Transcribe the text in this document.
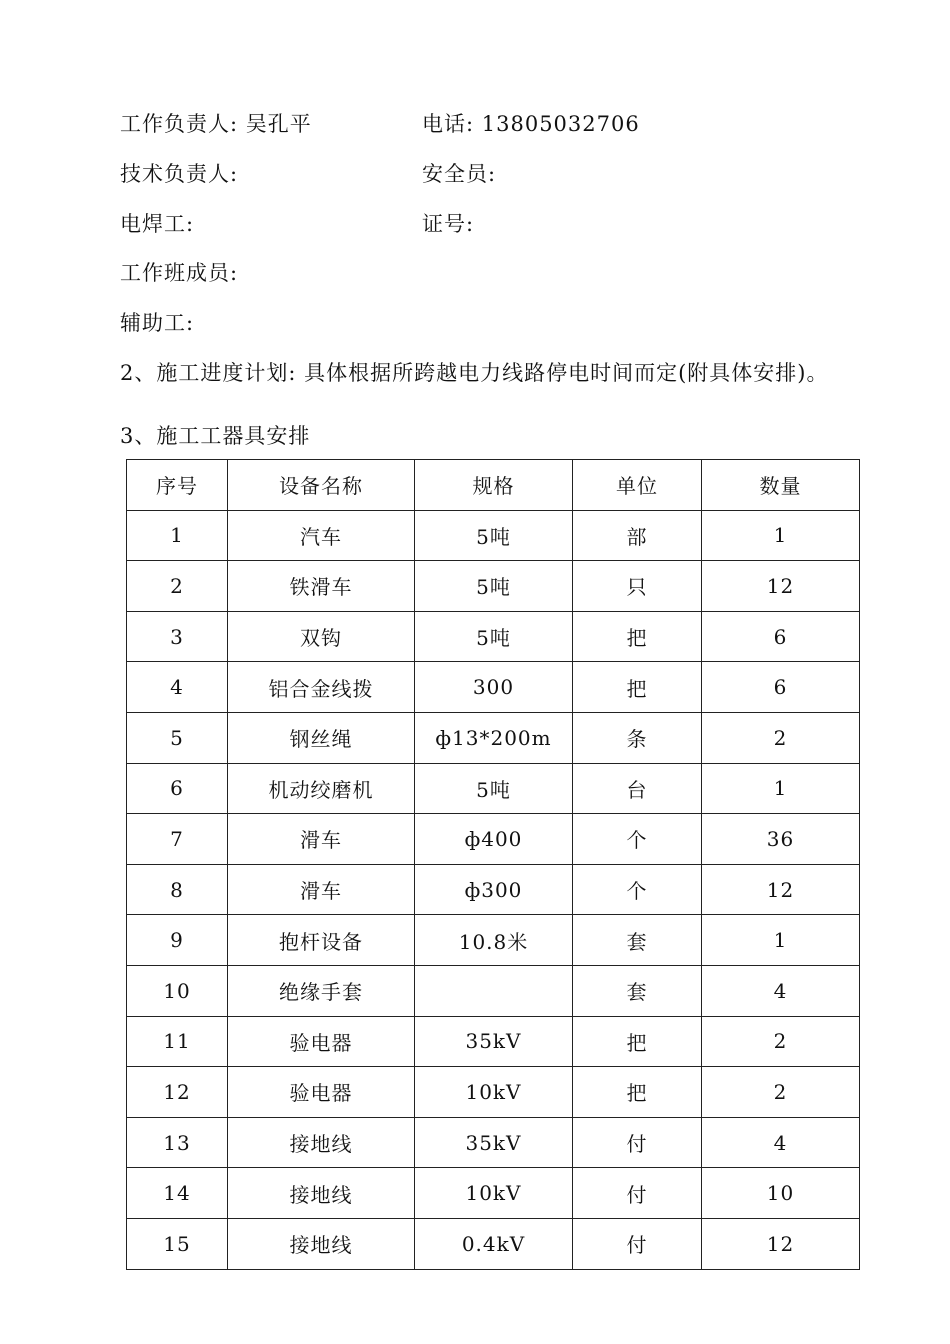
工作负责人: 吴孔平	电话: 13805032706
技术负责人:	安全员:
电焊工:	证号:
工作班成员:
辅助工:
2、施工进度计划: 具体根据所跨越电力线路停电时间而定(附具体安排)。
3、施工工器具安排
序号	设备名称	规格	单位	数量
1	汽车	5吨	部	1
2	铁滑车	5吨	只	12
3	双钩	5吨	把	6
4	铝合金线拨	300	把	6
5	钢丝绳	ф13*200m	条	2
6	机动绞磨机	5吨	台	1
7	滑车	ф400	个	36
8	滑车	ф300	个	12
9	抱杆设备	10.8米	套	1
10	绝缘手套		套	4
11	验电器	35kV	把	2
12	验电器	10kV	把	2
13	接地线	35kV	付	4
14	接地线	10kV	付	10
15	接地线	0.4kV	付	12
